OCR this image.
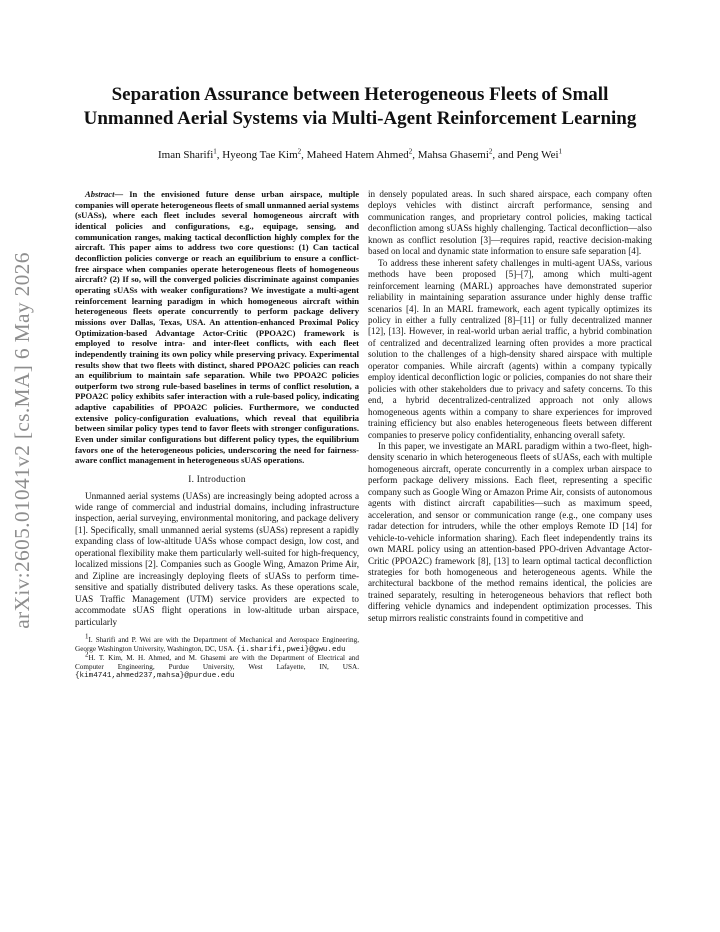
arXiv:2605.01041v2 [cs.MA] 6 May 2026
Separation Assurance between Heterogeneous Fleets of Small
Unmanned Aerial Systems via Multi-Agent Reinforcement Learning

Iman Sharifi$^1$, Hyeong Tae Kim$^2$, Maheed Hatem Ahmed$^2$, Mahsa Ghasemi$^2$, and Peng Wei$^1$

Abstract— In the envisioned future dense urban airspace, multiple companies will operate heterogeneous fleets of small unmanned aerial systems (sUASs), where each fleet includes several homogeneous aircraft with identical policies and configurations, e.g., equipage, sensing, and communication ranges, making tactical deconfliction highly complex for the aircraft. This paper aims to address two core questions: (1) Can tactical deconfliction policies converge or reach an equilibrium to ensure a conflict-free airspace when companies operate heterogeneous fleets of homogeneous aircraft? (2) If so, will the converged policies discriminate against companies operating sUASs with weaker configurations? We investigate a multi-agent reinforcement learning paradigm in which homogeneous aircraft within heterogeneous fleets operate concurrently to perform package delivery missions over Dallas, Texas, USA. An attention-enhanced Proximal Policy Optimization-based Advantage Actor-Critic (PPOA2C) framework is employed to resolve intra- and inter-fleet conflicts, with each fleet independently training its own policy while preserving privacy. Experimental results show that two fleets with distinct, shared PPOA2C policies can reach an equilibrium to maintain safe separation. While two PPOA2C policies outperform two strong rule-based baselines in terms of conflict resolution, a PPOA2C policy exhibits safer interaction with a rule-based policy, indicating adaptive capabilities of PPOA2C policies. Furthermore, we conducted extensive policy-configuration evaluations, which reveal that equilibria between similar policy types tend to favor fleets with stronger configurations. Even under similar configurations but different policy types, the equilibrium favors one of the heterogeneous policies, underscoring the need for fairness-aware conflict management in heterogeneous sUAS operations.

I. Introduction

Unmanned aerial systems (UASs) are increasingly being adopted across a wide range of commercial and industrial domains, including infrastructure inspection, aerial surveying, environmental monitoring, and package delivery [1]. Specifically, small unmanned aerial systems (sUASs) represent a rapidly expanding class of low-altitude UASs whose compact design, low cost, and operational flexibility make them particularly well-suited for high-frequency, localized missions [2]. Companies such as Google Wing, Amazon Prime Air, and Zipline are increasingly deploying fleets of sUASs to perform time-sensitive and spatially distributed delivery tasks. As these operations scale, UAS Traffic Management (UTM) service providers are expected to accommodate sUAS flight operations in low-altitude urban airspace, particularly

$^1$I. Sharifi and P. Wei are with the Department of Mechanical and Aerospace Engineering, George Washington University, Washington, DC, USA. {i.sharifi,pwei}@gwu.edu

$^2$H. T. Kim, M. H. Ahmed, and M. Ghasemi are with the Department of Electrical and Computer Engineering, Purdue University, West Lafayette, IN, USA. {kim4741,ahmed237,mahsa}@purdue.edu

in densely populated areas. In such shared airspace, each company often deploys vehicles with distinct aircraft performance, sensing and communication ranges, and proprietary control policies, making tactical deconfliction among sUASs highly challenging. Tactical deconfliction—also known as conflict resolution [3]—requires rapid, reactive decision-making based on local and dynamic state information to ensure safe separation [4].

To address these inherent safety challenges in multi-agent UASs, various methods have been proposed [5]–[7], among which multi-agent reinforcement learning (MARL) approaches have demonstrated superior reliability in maintaining separation assurance under highly dense traffic scenarios [4]. In an MARL framework, each agent typically optimizes its policy in either a fully centralized [8]–[11] or fully decentralized manner [12], [13]. However, in real-world urban aerial traffic, a hybrid combination of centralized and decentralized learning often provides a more practical solution to the challenges of a high-density shared airspace with multiple operator companies. While aircraft (agents) within a company typically employ identical deconfliction logic or policies, companies do not share their policies with other stakeholders due to privacy and safety concerns. To this end, a hybrid decentralized-centralized approach not only allows homogeneous agents within a company to share experiences for improved training efficiency but also enables heterogeneous fleets between different companies to preserve policy confidentiality, enhancing overall safety.

In this paper, we investigate an MARL paradigm within a two-fleet, high-density scenario in which heterogeneous fleets of sUASs, each with multiple homogeneous aircraft, operate concurrently in a complex urban airspace to perform package delivery missions. Each fleet, representing a specific company such as Google Wing or Amazon Prime Air, consists of autonomous agents with distinct aircraft capabilities—such as maximum speed, acceleration, and sensor or communication range (e.g., one company uses radar detection for intruders, while the other employs Remote ID [14] for vehicle-to-vehicle information sharing). Each fleet independently trains its own MARL policy using an attention-based PPO-driven Advantage Actor-Critic (PPOA2C) framework [8], [13] to learn optimal tactical deconfliction strategies for both homogeneous and heterogeneous agents. While the architectural backbone of the method remains identical, the policies are trained separately, resulting in heterogeneous behaviors that reflect both differing vehicle dynamics and independent optimization processes. This setup mirrors realistic constraints found in competitive and
